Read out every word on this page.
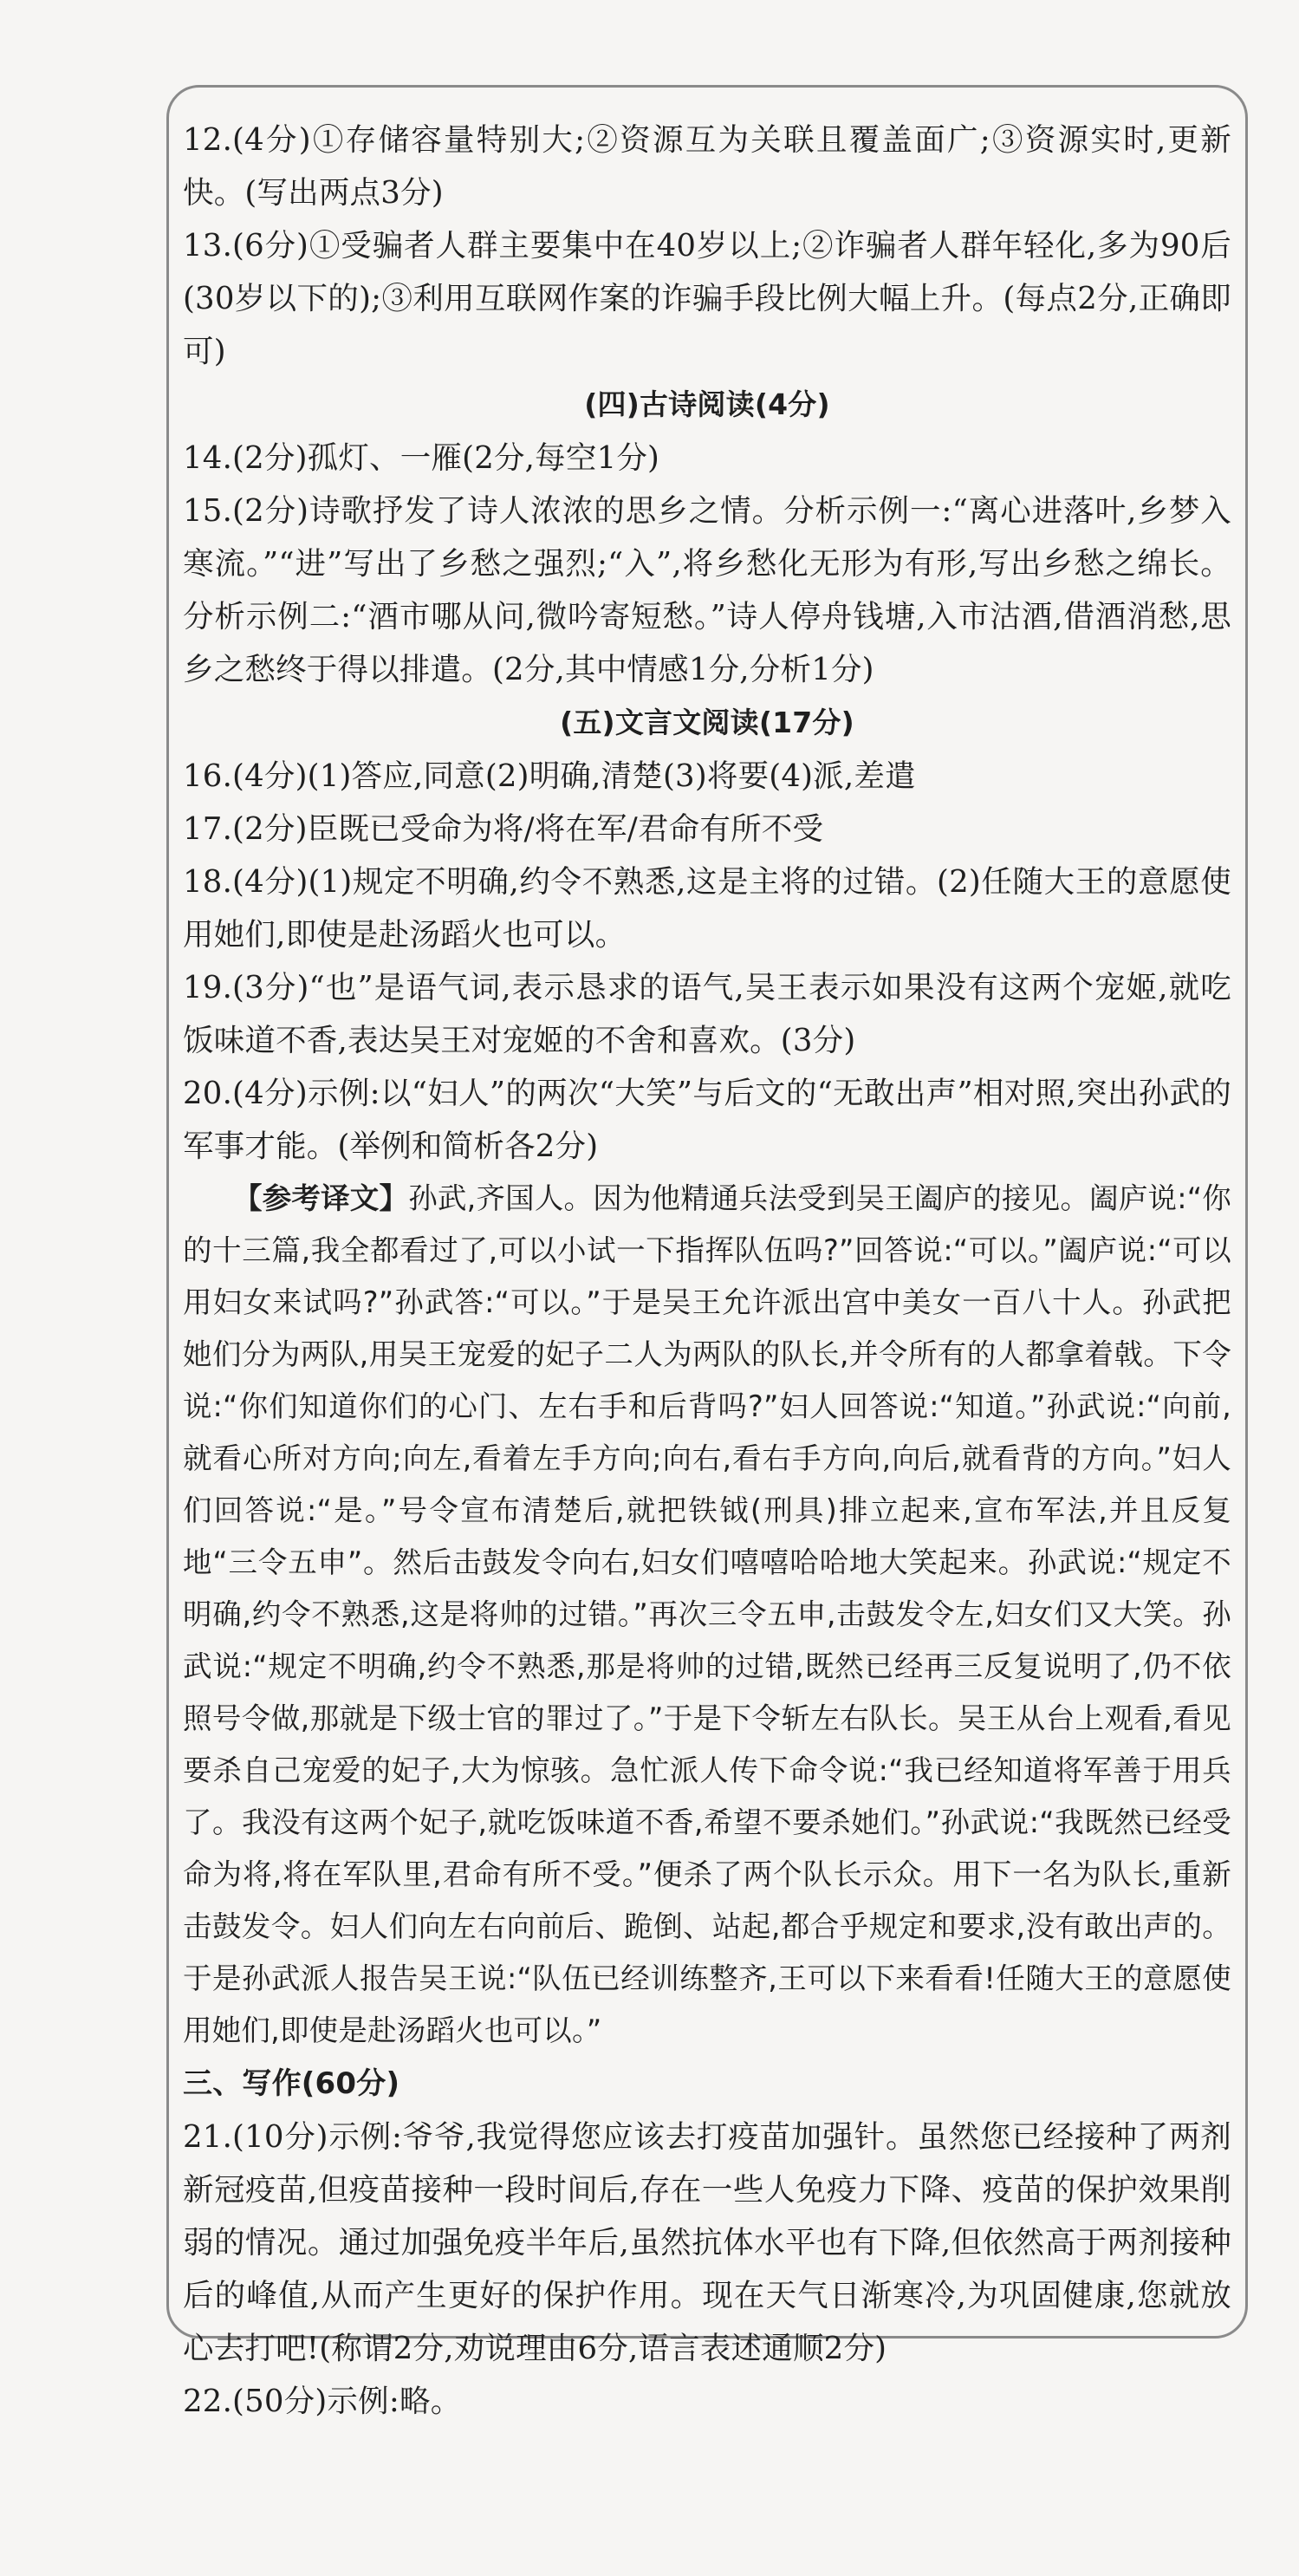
12.(4分)①存储容量特别大;②资源互为关联且覆盖面广;③资源实时,更新快。(写出两点3分)

13.(6分)①受骗者人群主要集中在40岁以上;②诈骗者人群年轻化,多为90后(30岁以下的);③利用互联网作案的诈骗手段比例大幅上升。(每点2分,正确即可)

(四)古诗阅读(4分)

14.(2分)孤灯、一雁(2分,每空1分)

15.(2分)诗歌抒发了诗人浓浓的思乡之情。分析示例一:“离心进落叶,乡梦入寒流。”“进”写出了乡愁之强烈;“入”,将乡愁化无形为有形,写出乡愁之绵长。分析示例二:“酒市哪从问,微吟寄短愁。”诗人停舟钱塘,入市沽酒,借酒消愁,思乡之愁终于得以排遣。(2分,其中情感1分,分析1分)

(五)文言文阅读(17分)

16.(4分)(1)答应,同意(2)明确,清楚(3)将要(4)派,差遣

17.(2分)臣既已受命为将/将在军/君命有所不受

18.(4分)(1)规定不明确,约令不熟悉,这是主将的过错。(2)任随大王的意愿使用她们,即使是赴汤蹈火也可以。

19.(3分)“也”是语气词,表示恳求的语气,吴王表示如果没有这两个宠姬,就吃饭味道不香,表达吴王对宠姬的不舍和喜欢。(3分)

20.(4分)示例:以“妇人”的两次“大笑”与后文的“无敢出声”相对照,突出孙武的军事才能。(举例和简析各2分)

【参考译文】孙武,齐国人。因为他精通兵法受到吴王阖庐的接见。阖庐说:“你的十三篇,我全都看过了,可以小试一下指挥队伍吗?”回答说:“可以。”阖庐说:“可以用妇女来试吗?”孙武答:“可以。”于是吴王允许派出宫中美女一百八十人。孙武把她们分为两队,用吴王宠爱的妃子二人为两队的队长,并令所有的人都拿着戟。下令说:“你们知道你们的心门、左右手和后背吗?”妇人回答说:“知道。”孙武说:“向前,就看心所对方向;向左,看着左手方向;向右,看右手方向,向后,就看背的方向。”妇人们回答说:“是。”号令宣布清楚后,就把铁钺(刑具)排立起来,宣布军法,并且反复地“三令五申”。然后击鼓发令向右,妇女们嘻嘻哈哈地大笑起来。孙武说:“规定不明确,约令不熟悉,这是将帅的过错。”再次三令五申,击鼓发令左,妇女们又大笑。孙武说:“规定不明确,约令不熟悉,那是将帅的过错,既然已经再三反复说明了,仍不依照号令做,那就是下级士官的罪过了。”于是下令斩左右队长。吴王从台上观看,看见要杀自己宠爱的妃子,大为惊骇。急忙派人传下命令说:“我已经知道将军善于用兵了。我没有这两个妃子,就吃饭味道不香,希望不要杀她们。”孙武说:“我既然已经受命为将,将在军队里,君命有所不受。”便杀了两个队长示众。用下一名为队长,重新击鼓发令。妇人们向左右向前后、跪倒、站起,都合乎规定和要求,没有敢出声的。于是孙武派人报告吴王说:“队伍已经训练整齐,王可以下来看看!任随大王的意愿使用她们,即使是赴汤蹈火也可以。”

三、写作(60分)

21.(10分)示例:爷爷,我觉得您应该去打疫苗加强针。虽然您已经接种了两剂新冠疫苗,但疫苗接种一段时间后,存在一些人免疫力下降、疫苗的保护效果削弱的情况。通过加强免疫半年后,虽然抗体水平也有下降,但依然高于两剂接种后的峰值,从而产生更好的保护作用。现在天气日渐寒冷,为巩固健康,您就放心去打吧!(称谓2分,劝说理由6分,语言表述通顺2分)

22.(50分)示例:略。
